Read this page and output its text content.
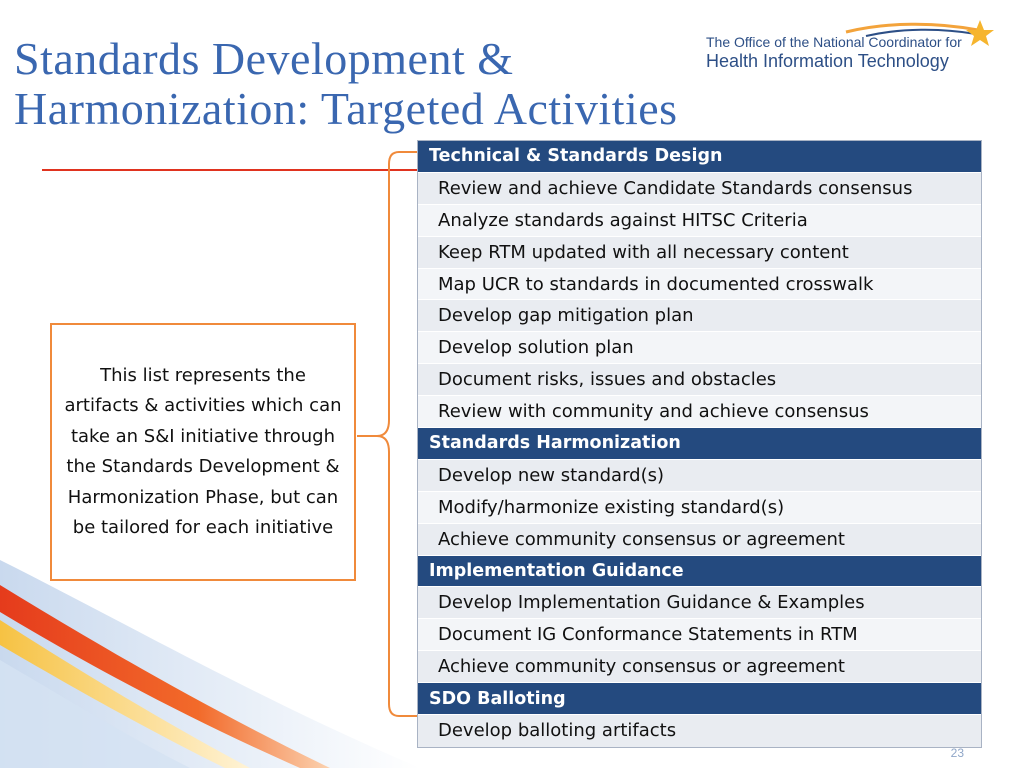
Standards Development &
Harmonization: Targeted Activities
The Office of the National Coordinator for
Health Information Technology
This list represents the artifacts & activities which can take an S&I initiative through the Standards Development & Harmonization Phase, but can be tailored for each initiative
Technical & Standards Design
Review and achieve Candidate Standards consensus
Analyze standards against HITSC Criteria
Keep RTM updated with all necessary content
Map UCR to standards in documented crosswalk
Develop gap mitigation plan
Develop solution plan
Document risks, issues and obstacles
Review with community and achieve consensus
Standards Harmonization
Develop new standard(s)
Modify/harmonize existing standard(s)
Achieve community consensus or agreement
Implementation Guidance
Develop Implementation Guidance & Examples
Document IG Conformance Statements in RTM
Achieve community consensus or agreement
SDO Balloting
Develop balloting artifacts
23
